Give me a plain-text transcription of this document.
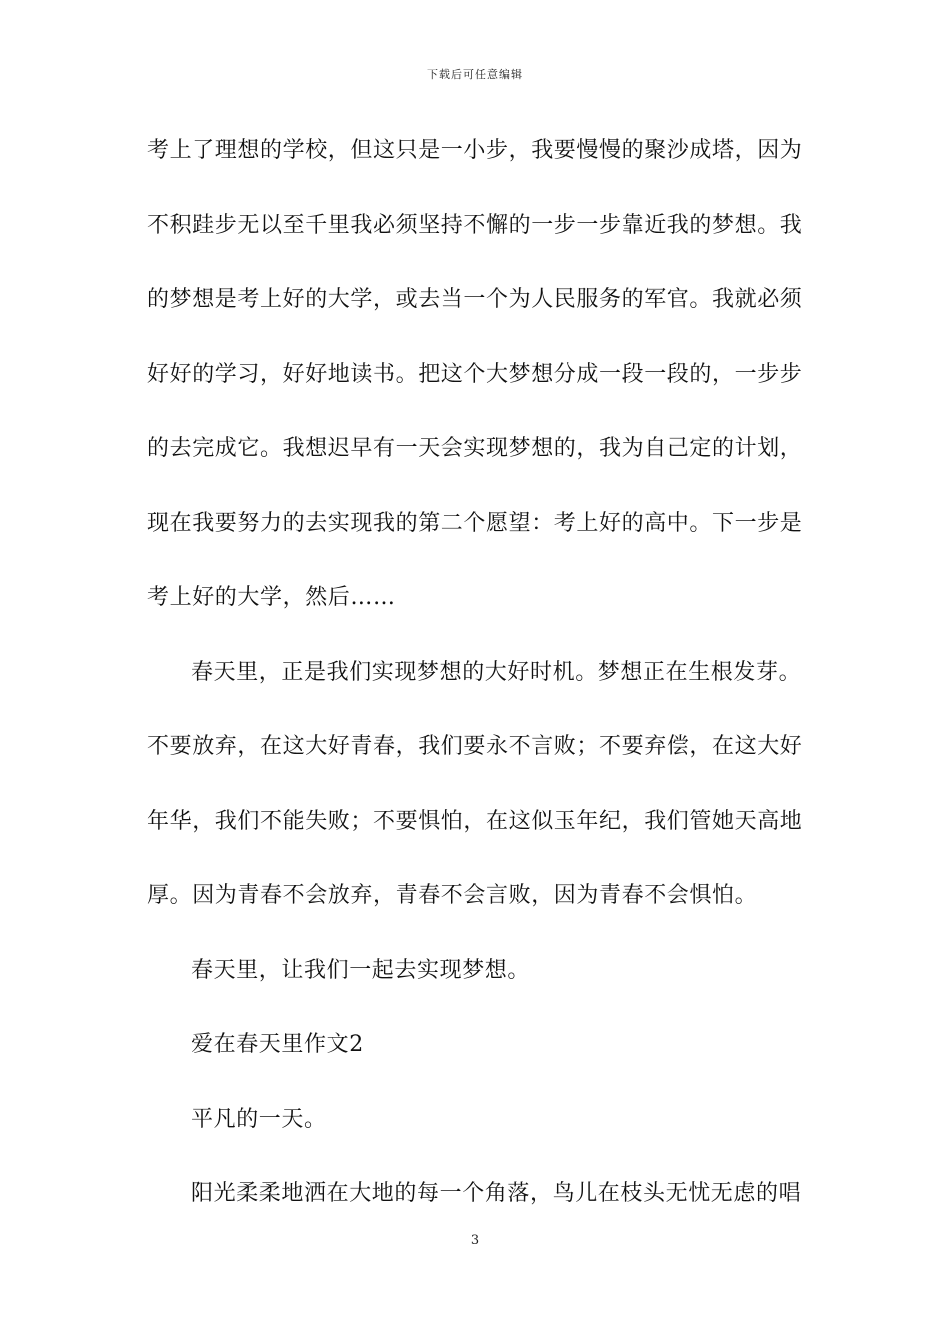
下载后可任意编辑
考上了理想的学校，但这只是一小步，我要慢慢的聚沙成塔，因为
不积跬步无以至千里我必须坚持不懈的一步一步靠近我的梦想。我
的梦想是考上好的大学，或去当一个为人民服务的军官。我就必须
好好的学习，好好地读书。把这个大梦想分成一段一段的，一步步
的去完成它。我想迟早有一天会实现梦想的，我为自己定的计划，
现在我要努力的去实现我的第二个愿望：考上好的高中。下一步是
考上好的大学，然后……
春天里，正是我们实现梦想的大好时机。梦想正在生根发芽。
不要放弃，在这大好青春，我们要永不言败；不要弃偿，在这大好
年华，我们不能失败；不要惧怕，在这似玉年纪，我们管她天高地
厚。因为青春不会放弃，青春不会言败，因为青春不会惧怕。
春天里，让我们一起去实现梦想。
爱在春天里作文2
平凡的一天。
阳光柔柔地洒在大地的每一个角落，鸟儿在枝头无忧无虑的唱
3
